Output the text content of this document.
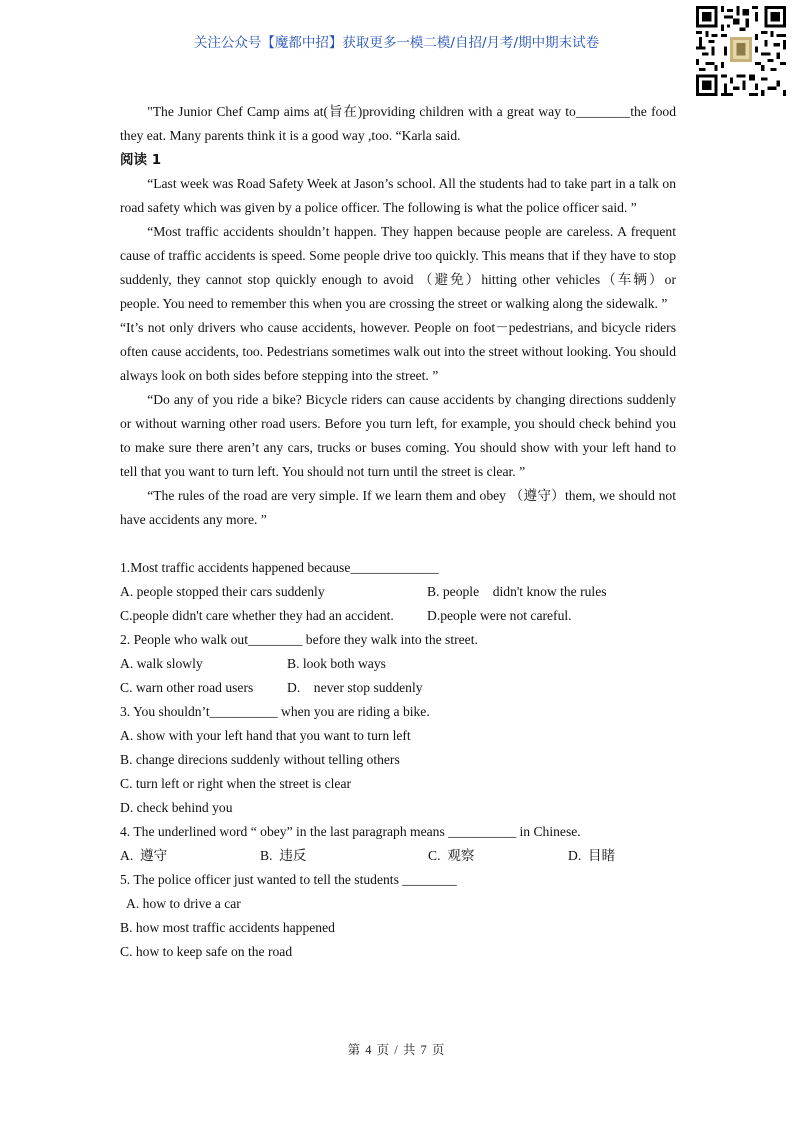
关注公众号【魔都中招】获取更多一模二模/自招/月考/期中期末试卷

"The Junior Chef Camp aims at(旨在)providing children with a great way to________the food they eat. Many parents think it is a good way ,too. “Karla said.

阅读 1

“Last week was Road Safety Week at Jason’s school. All the students had to take part in a talk on road safety which was given by a police officer. The following is what the police officer said. ”

“Most traffic accidents shouldn’t happen. They happen because people are careless. A frequent cause of traffic accidents is speed. Some people drive too quickly. This means that if they have to stop suddenly, they cannot stop quickly enough to avoid （避免）hitting other vehicles（车辆）or people. You need to remember this when you are crossing the street or walking along the sidewalk. ”

“It’s not only drivers who cause accidents, however. People on foot－pedestrians, and bicycle riders often cause accidents, too. Pedestrians sometimes walk out into the street without looking. You should always look on both sides before stepping into the street. ”

“Do any of you ride a bike? Bicycle riders can cause accidents by changing directions suddenly or without warning other road users. Before you turn left, for example, you should check behind you to make sure there aren’t any cars, trucks or buses coming. You should show with your left hand to tell that you want to turn left. You should not turn until the street is clear. ”

“The rules of the road are very simple. If we learn them and obey （遵守）them, we should not have accidents any more. ”

1.Most traffic accidents happened because_____________
A. people stopped their cars suddenly	B. people    didn't know the rules
C.people didn't care whether they had an accident.	D.people were not careful.
2. People who walk out________ before they walk into the street.
A. walk slowly	B. look both ways
C. warn other road users	D.    never stop suddenly
3. You shouldn’t__________ when you are riding a bike.
A. show with your left hand that you want to turn left
B. change direcions suddenly without telling others
C. turn left or right when the street is clear
D. check behind you
4. The underlined word “ obey” in the last paragraph means __________ in Chinese.
A.  遵守	B.  违反	C.  观察	D.  目睹
5. The police officer just wanted to tell the students ________
A. how to drive a car
B. how most traffic accidents happened
C. how to keep safe on the road
第 4 页 / 共 7 页
